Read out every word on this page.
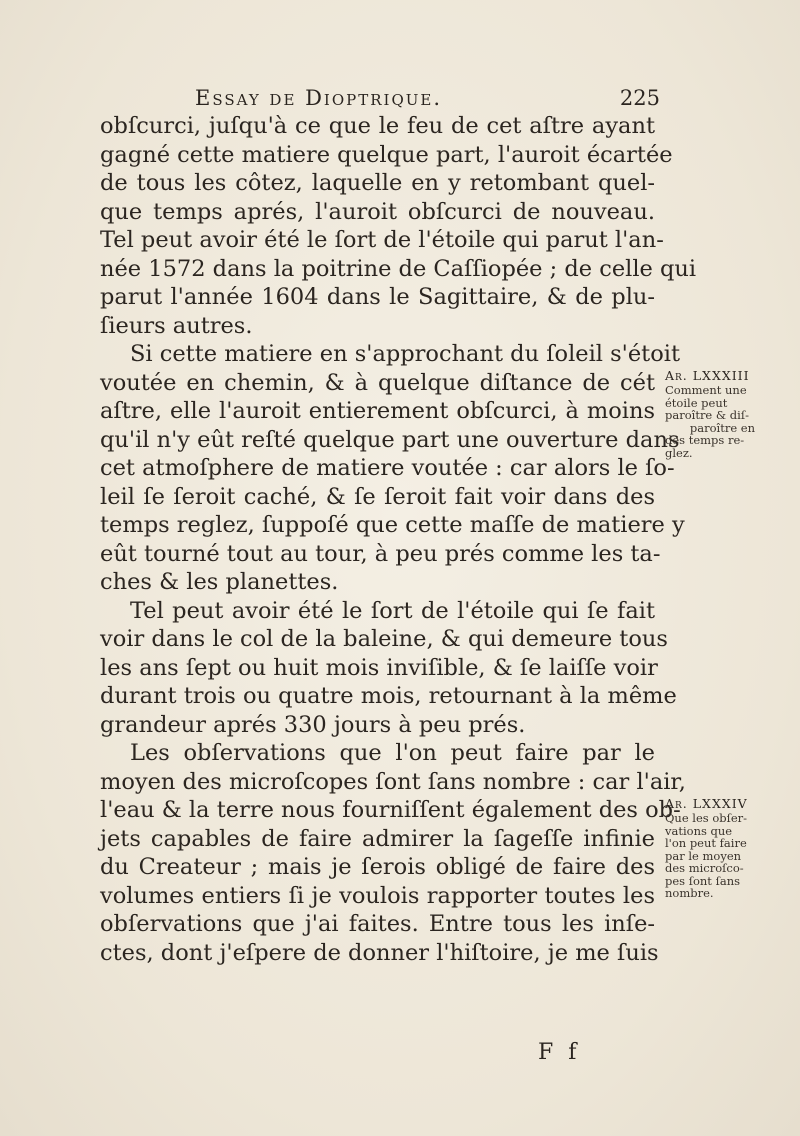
Essay de Dioptrique.	225
obſcurci, juſqu'à ce que le feu de cet aſtre ayant
gagné cette matiere quelque part, l'auroit écartée
de tous les côtez, laquelle en y retombant quel-
que temps aprés, l'auroit obſcurci de nouveau.
Tel peut avoir été le ſort de l'étoile qui parut l'an-
née 1572 dans la poitrine de Caſſiopée ; de celle qui
parut l'année 1604 dans le Sagittaire, & de plu-
ſieurs autres.
Si cette matiere en s'approchant du ſoleil s'étoit
voutée en chemin, & à quelque diſtance de cét
aſtre, elle l'auroit entierement obſcurci, à moins
qu'il n'y eût reſté quelque part une ouverture dans
cet atmoſphere de matiere voutée : car alors le ſo-
leil ſe ſeroit caché, & ſe ſeroit fait voir dans des
temps reglez, ſuppoſé que cette maſſe de matiere y
eût tourné tout au tour, à peu prés comme les ta-
ches & les planettes.
Tel peut avoir été le ſort de l'étoile qui ſe fait
voir dans le col de la baleine, & qui demeure tous
les ans ſept ou huit mois inviſible, & ſe laiſſe voir
durant trois ou quatre mois, retournant à la même
grandeur aprés 330 jours à peu prés.
Les obſervations que l'on peut faire par le
moyen des microſcopes ſont ſans nombre : car l'air,
l'eau & la terre nous fourniſſent également des ob-
jets capables de faire admirer la ſageſſe infinie
du Createur ; mais je ſerois obligé de faire des
volumes entiers ſi je voulois rapporter toutes les
obſervations que j'ai faites. Entre tous les inſe-
ctes, dont j'eſpere de donner l'hiſtoire, je me ſuis
F f
Ar. LXXXIII
Comment une
étoile peut
paroître & diſ-
paroître en
des temps re-
glez.
Ar. LXXXIV
Que les obſer-
vations que
l'on peut faire
par le moyen
des microſco-
pes ſont ſans
nombre.
